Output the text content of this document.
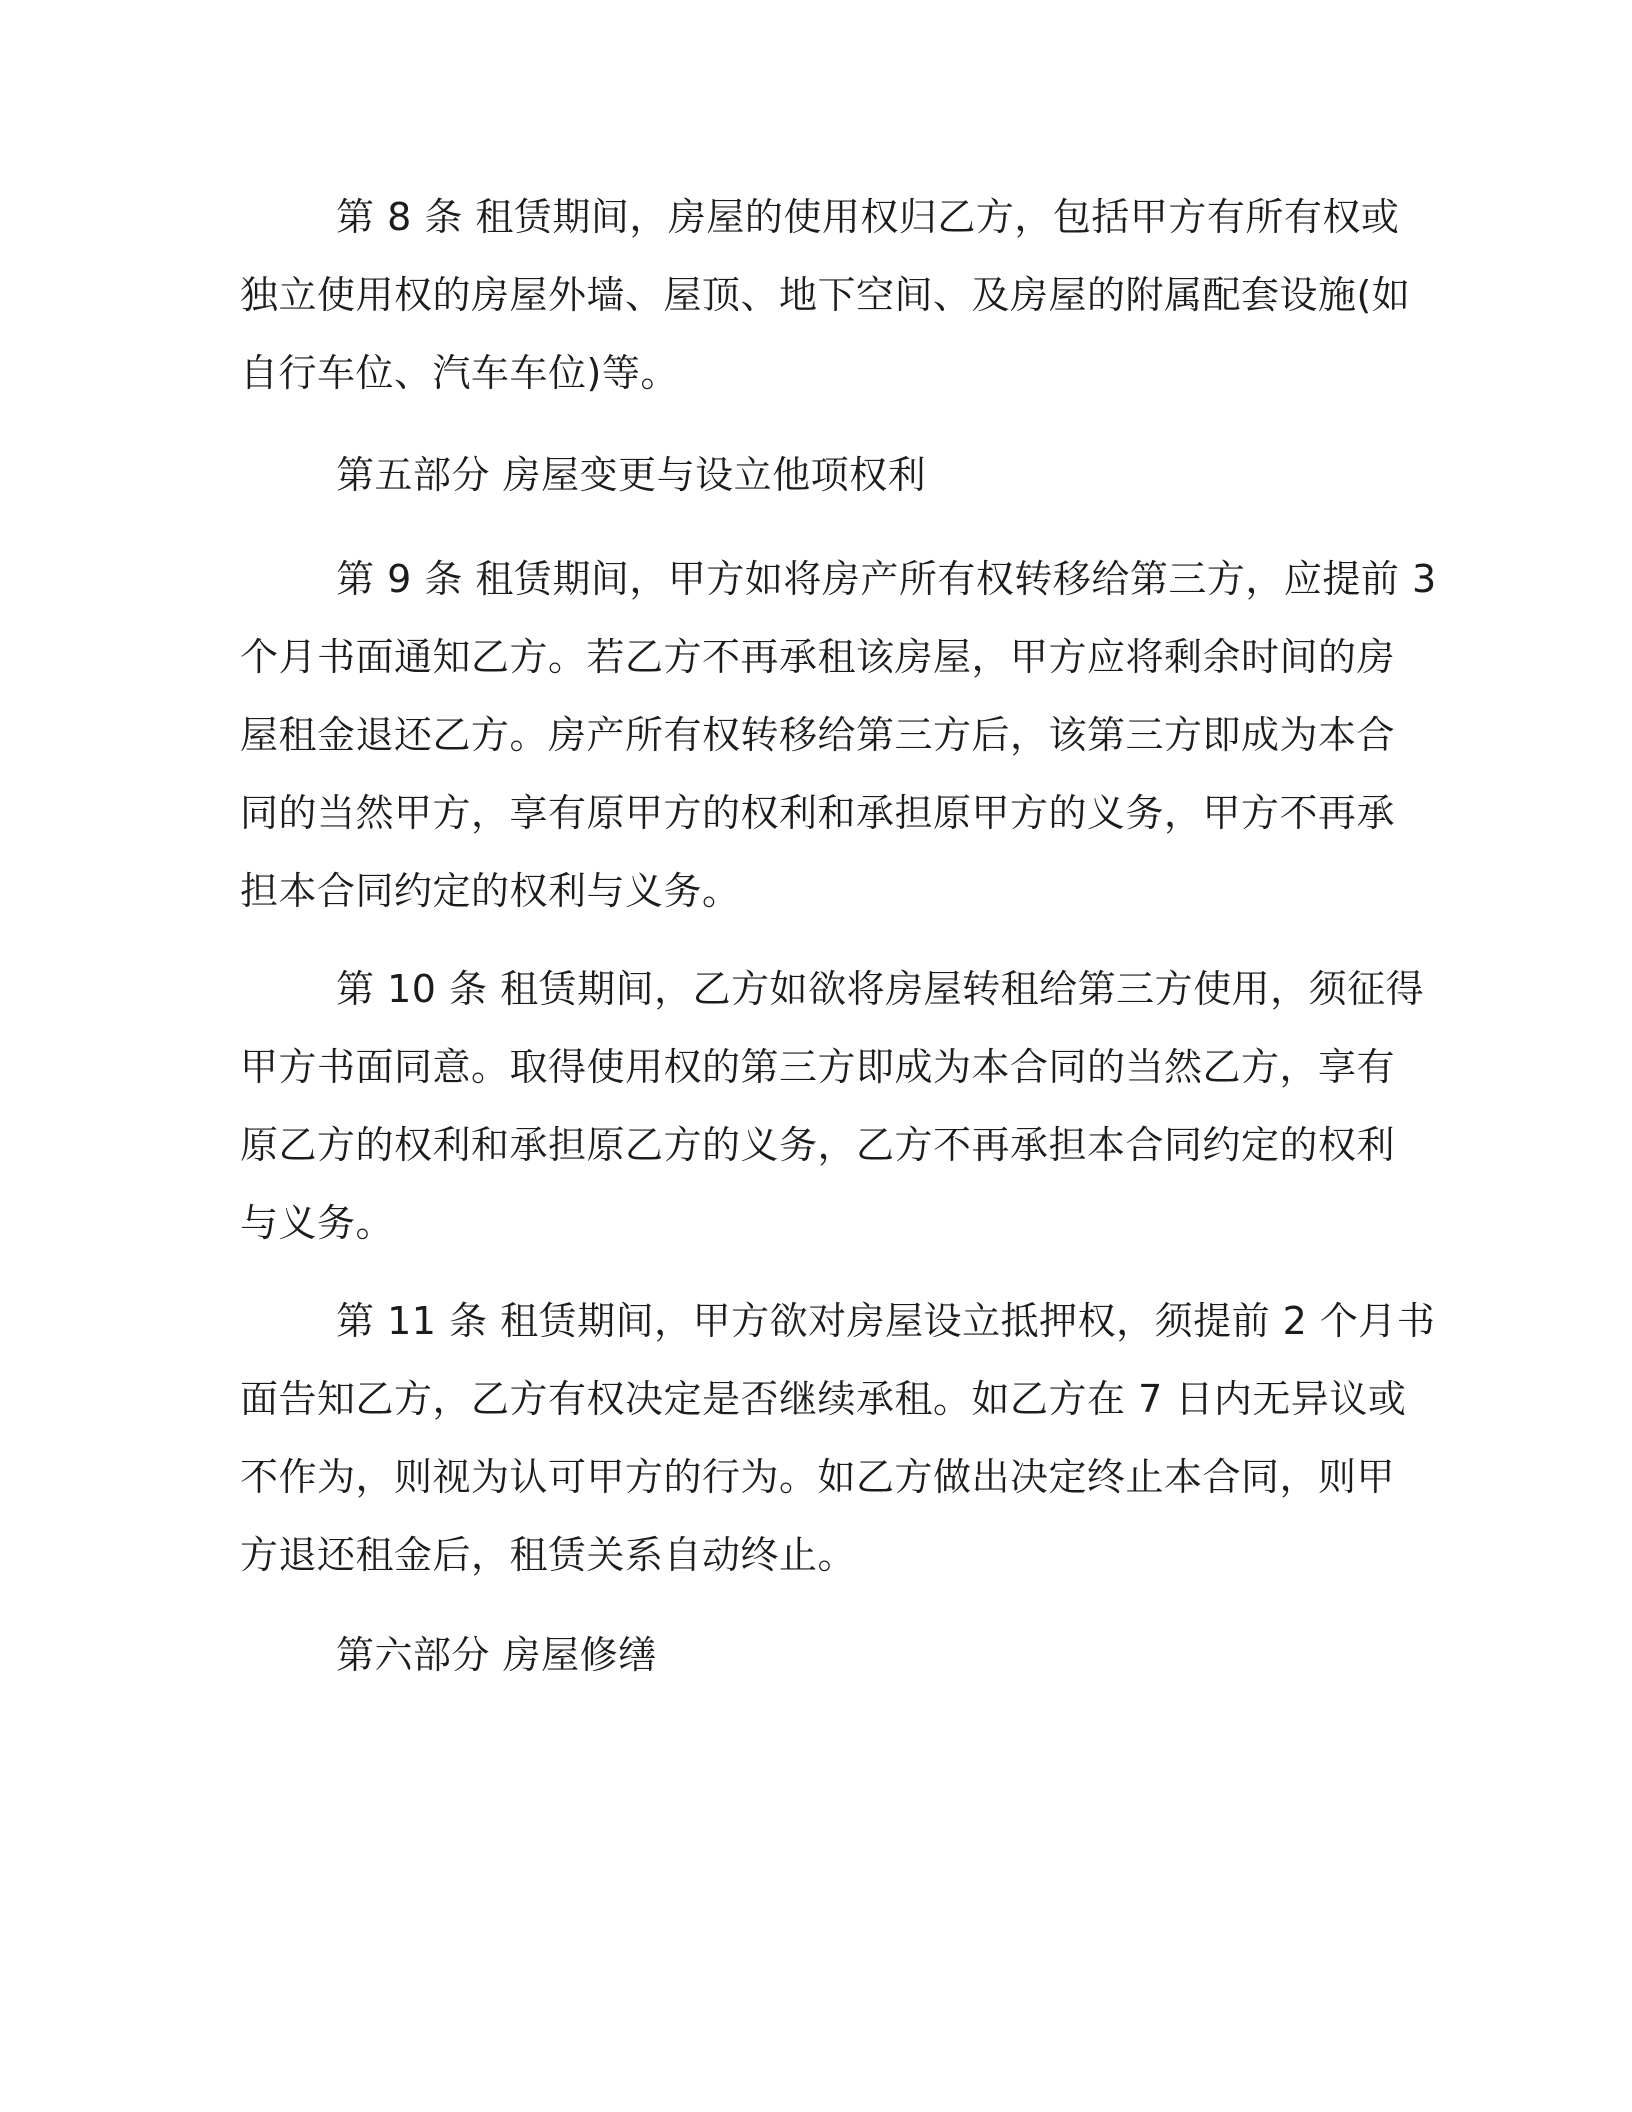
第 8 条 租赁期间，房屋的使用权归乙方，包括甲方有所有权或
独立使用权的房屋外墙、屋顶、地下空间、及房屋的附属配套设施(如
自行车位、汽车车位)等。
第五部分 房屋变更与设立他项权利
第 9 条 租赁期间，甲方如将房产所有权转移给第三方，应提前 3
个月书面通知乙方。若乙方不再承租该房屋，甲方应将剩余时间的房
屋租金退还乙方。房产所有权转移给第三方后，该第三方即成为本合
同的当然甲方，享有原甲方的权利和承担原甲方的义务，甲方不再承
担本合同约定的权利与义务。
第 10 条 租赁期间，乙方如欲将房屋转租给第三方使用，须征得
甲方书面同意。取得使用权的第三方即成为本合同的当然乙方，享有
原乙方的权利和承担原乙方的义务，乙方不再承担本合同约定的权利
与义务。
第 11 条 租赁期间，甲方欲对房屋设立抵押权，须提前 2 个月书
面告知乙方，乙方有权决定是否继续承租。如乙方在 7 日内无异议或
不作为，则视为认可甲方的行为。如乙方做出决定终止本合同，则甲
方退还租金后，租赁关系自动终止。
第六部分 房屋修缮
